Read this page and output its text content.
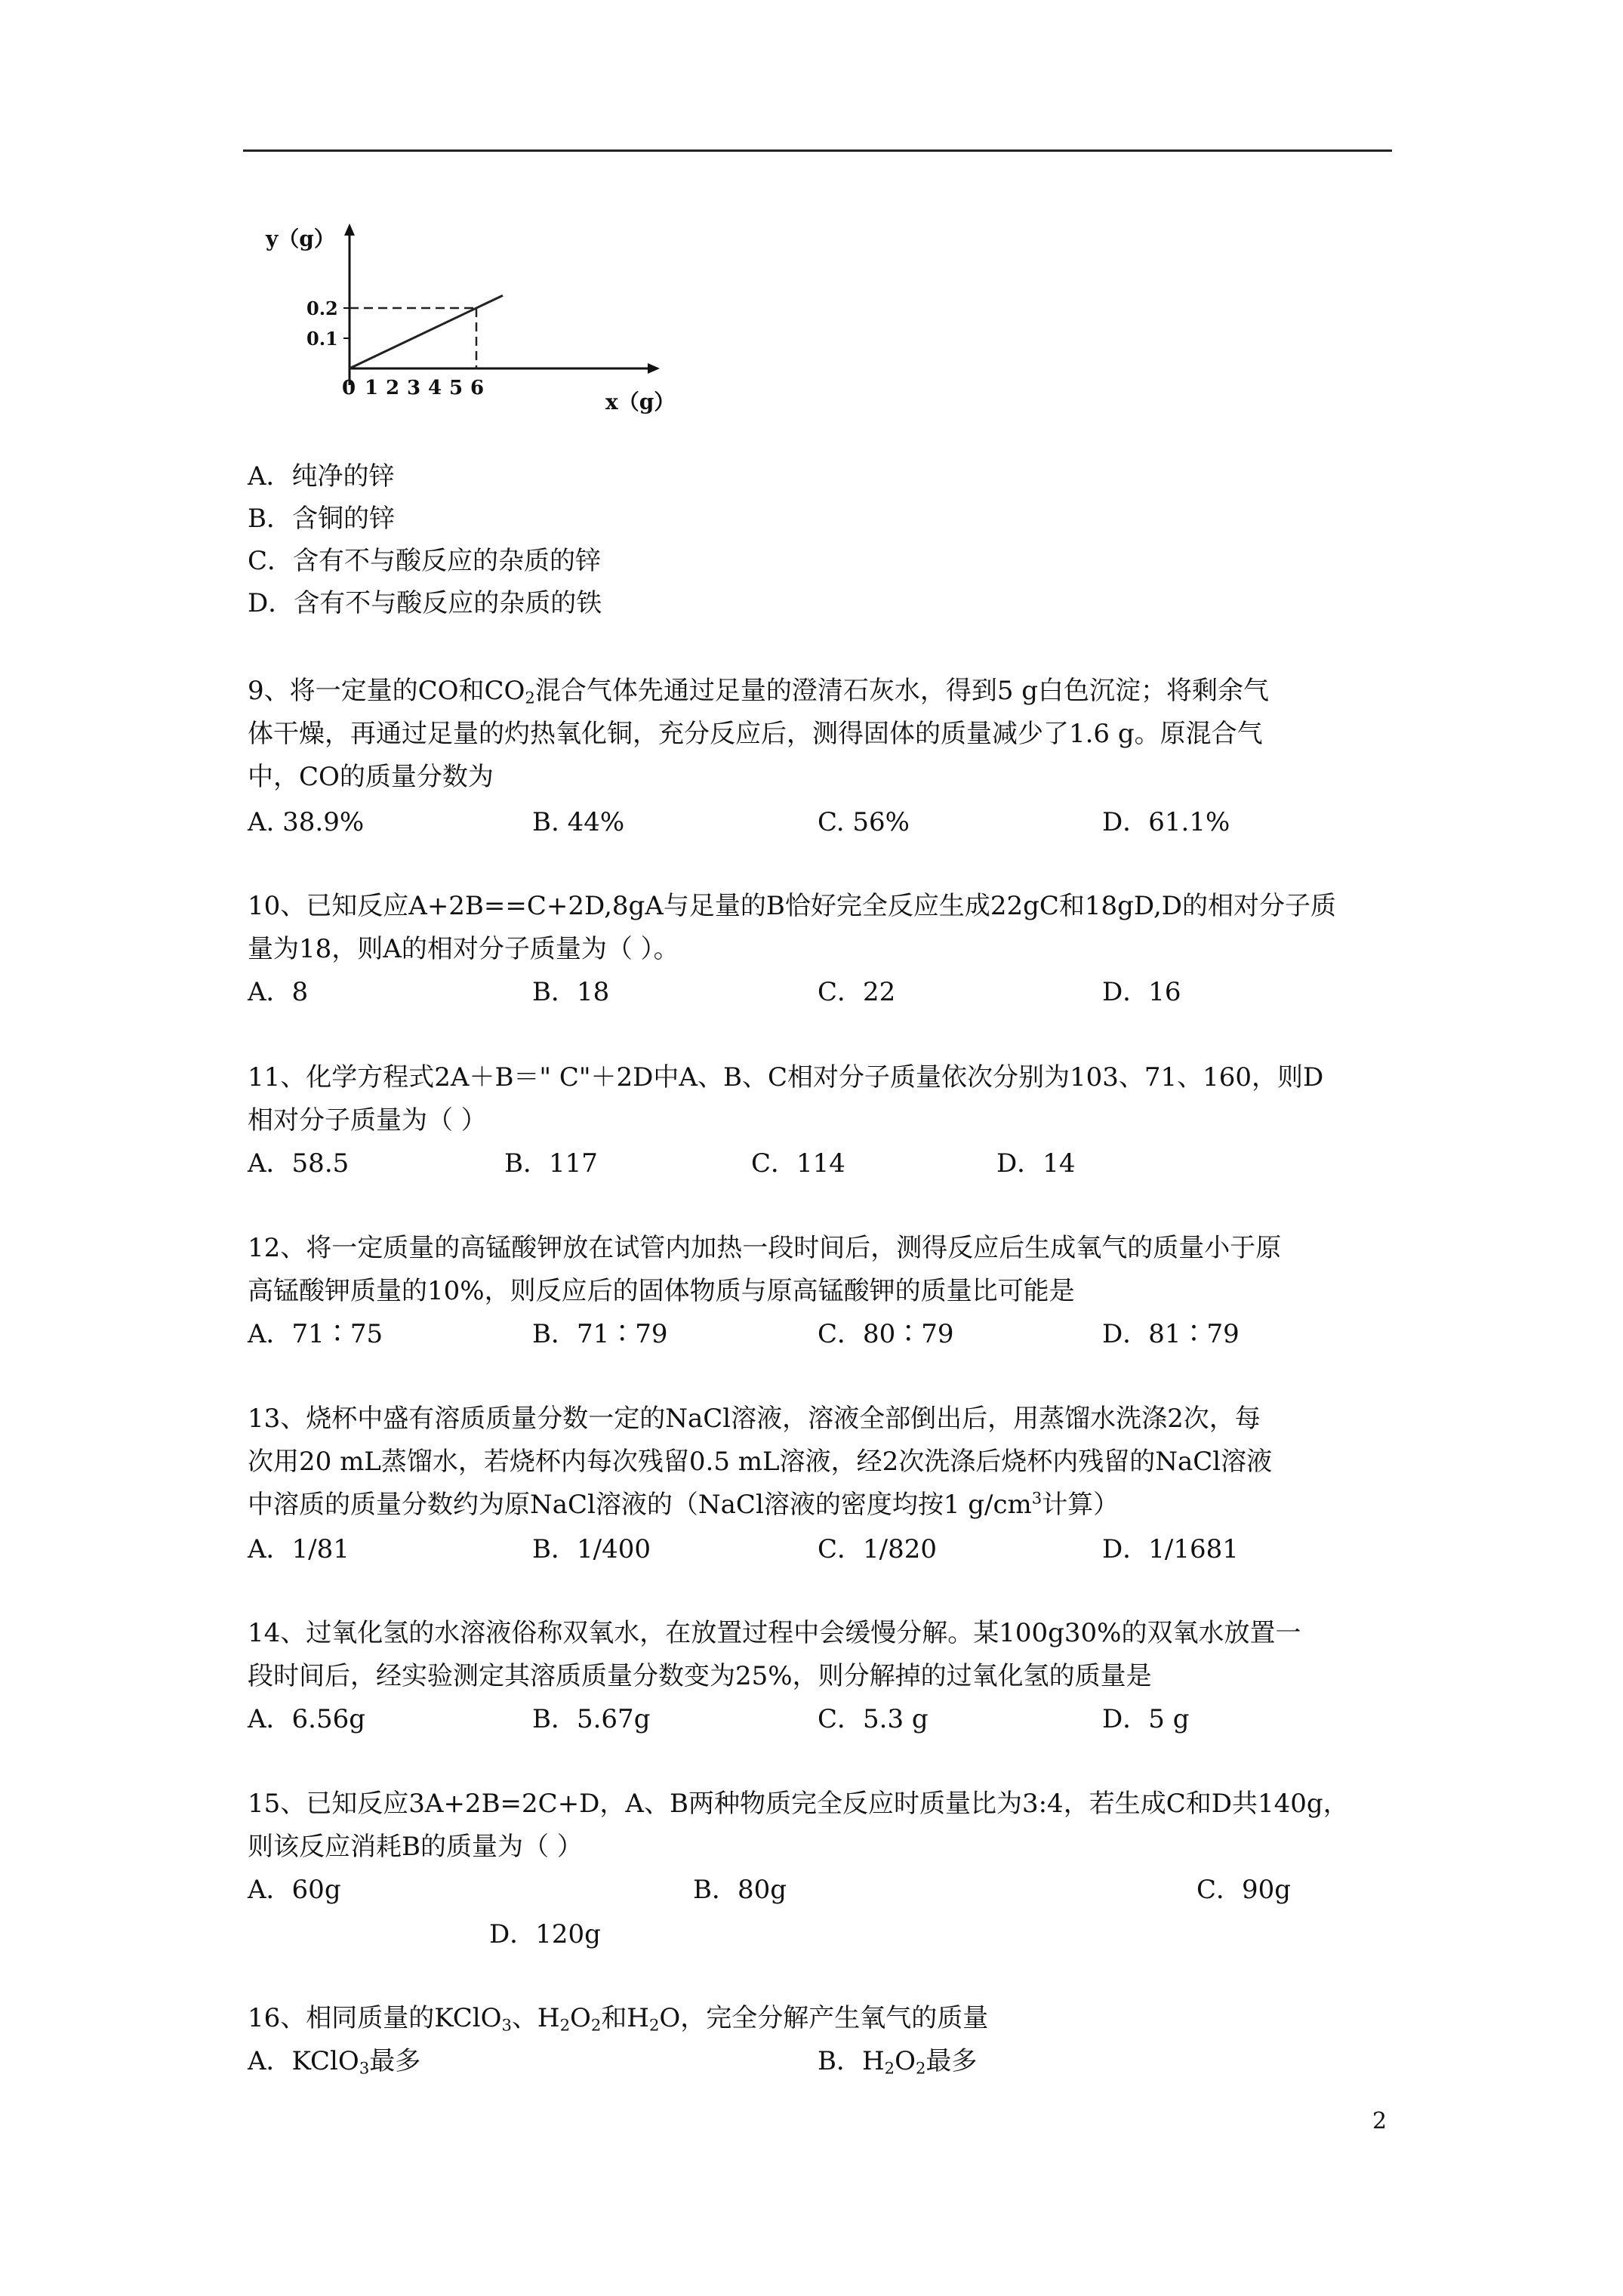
0 1 2 3 4 5 6
0.1
0.2
y（g）
x（g）
A．纯净的锌
B．含铜的锌
C．含有不与酸反应的杂质的锌
D．含有不与酸反应的杂质的铁
9、将一定量的CO和$CO_2$混合气体先通过足量的澄清石灰水，得到5 g白色沉淀；将剩余气
体干燥，再通过足量的灼热氧化铜，充分反应后，测得固体的质量减少了1.6 g。原混合气
中，CO的质量分数为
A. 38.9%	B. 44%	C. 56%	D．61.1%
10、已知反应A+2B==C+2D,8gA与足量的B恰好完全反应生成22gC和18gD,D的相对分子质
量为18，则A的相对分子质量为（ ）。
A．8	B．18	C．22	D．16
11、化学方程式2A＋B＝" C"＋2D中A、B、C相对分子质量依次分别为103、71、160，则D
相对分子质量为（ ）
A．58.5	B．117	C．114	D．14
12、将一定质量的高锰酸钾放在试管内加热一段时间后，测得反应后生成氧气的质量小于原
高锰酸钾质量的10%，则反应后的固体物质与原高锰酸钾的质量比可能是
A．71∶75	B．71∶79	C．80∶79	D．81∶79
13、烧杯中盛有溶质质量分数一定的NaCl溶液，溶液全部倒出后，用蒸馏水洗涤2次，每
次用20 mL蒸馏水，若烧杯内每次残留0.5 mL溶液，经2次洗涤后烧杯内残留的NaCl溶液
中溶质的质量分数约为原NaCl溶液的（NaCl溶液的密度均按1 $g/cm^3$计算）
A．1/81	B．1/400	C．1/820	D．1/1681
14、过氧化氢的水溶液俗称双氧水，在放置过程中会缓慢分解。某100g30%的双氧水放置一
段时间后，经实验测定其溶质质量分数变为25%，则分解掉的过氧化氢的质量是
A．6.56g	B．5.67g	C．5.3 g	D．5 g
15、已知反应3A+2B=2C+D，A、B两种物质完全反应时质量比为3:4，若生成C和D共140g，
则该反应消耗B的质量为（ ）
A．60g	B．80g	C．90g
D．120g
16、相同质量的KClO$_3$、$H_2O_2$和$H_2O$，完全分解产生氧气的质量
A．KClO$_3$最多	B．$H_2O_2$最多
2
